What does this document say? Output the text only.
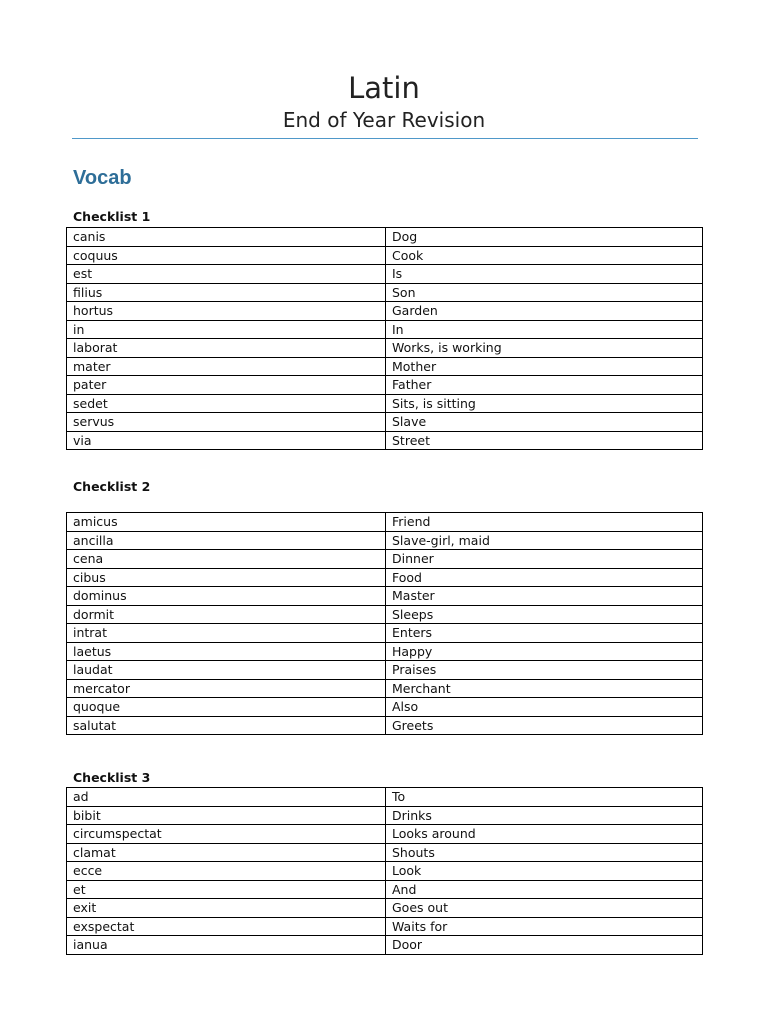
Latin
End of Year Revision
Vocab
Checklist 1
canis	Dog
coquus	Cook
est	Is
filius	Son
hortus	Garden
in	In
laborat	Works, is working
mater	Mother
pater	Father
sedet	Sits, is sitting
servus	Slave
via	Street
Checklist 2
amicus	Friend
ancilla	Slave-girl, maid
cena	Dinner
cibus	Food
dominus	Master
dormit	Sleeps
intrat	Enters
laetus	Happy
laudat	Praises
mercator	Merchant
quoque	Also
salutat	Greets
Checklist 3
ad	To
bibit	Drinks
circumspectat	Looks around
clamat	Shouts
ecce	Look
et	And
exit	Goes out
exspectat	Waits for
ianua	Door
